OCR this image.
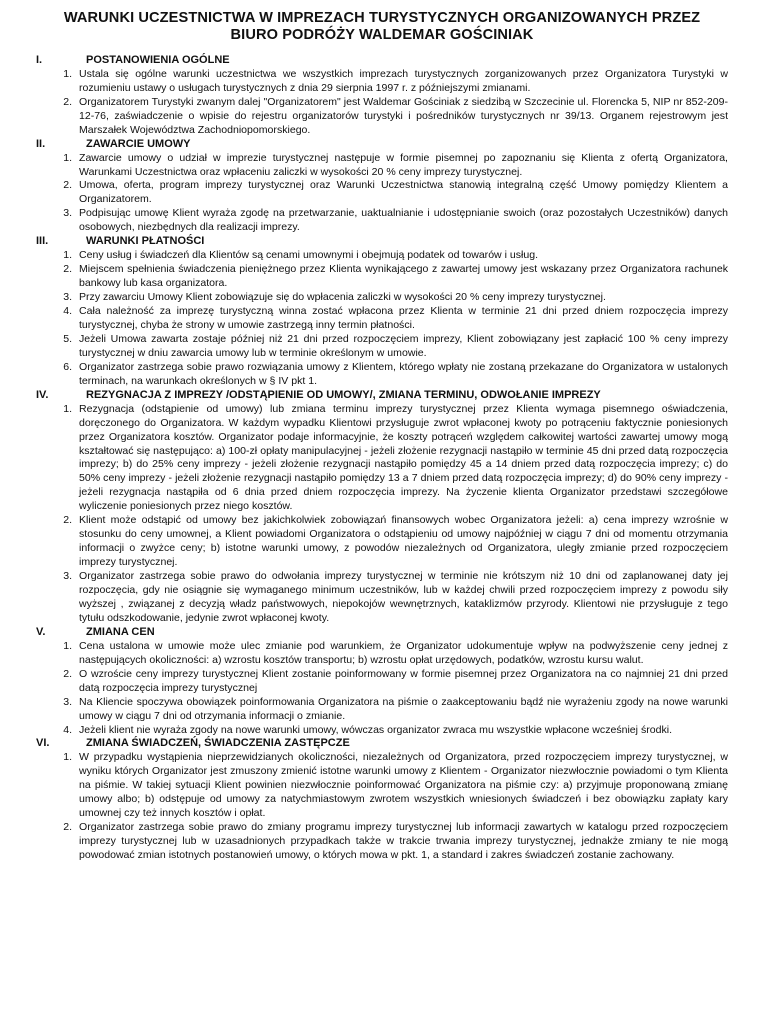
WARUNKI UCZESTNICTWA W IMPREZACH TURYSTYCZNYCH ORGANIZOWANYCH PRZEZ
BIURO PODRÓŻY WALDEMAR GOŚCINIAK
I.	POSTANOWIENIA OGÓLNE
1. Ustala się ogólne warunki uczestnictwa we wszystkich imprezach turystycznych zorganizowanych przez Organizatora Turystyki w rozumieniu ustawy o usługach turystycznych z dnia 29 sierpnia 1997 r. z późniejszymi zmianami.
2. Organizatorem Turystyki zwanym dalej "Organizatorem" jest Waldemar Gościniak z siedzibą w Szczecinie ul. Florencka 5, NIP nr 852-209-12-76, zaświadczenie o wpisie do rejestru organizatorów turystyki i pośredników turystycznych nr 39/13. Organem rejestrowym jest Marszałek Województwa Zachodniopomorskiego.
II.	ZAWARCIE UMOWY
1. Zawarcie umowy o udział w imprezie turystycznej następuje w formie pisemnej po zapoznaniu się Klienta z ofertą Organizatora, Warunkami Uczestnictwa oraz wpłaceniu zaliczki w wysokości 20 % ceny imprezy turystycznej.
2. Umowa, oferta, program imprezy turystycznej oraz Warunki Uczestnictwa stanowią integralną część Umowy pomiędzy Klientem a Organizatorem.
3. Podpisując umowę Klient wyraża zgodę na przetwarzanie, uaktualnianie i udostępnianie swoich (oraz pozostałych Uczestników) danych osobowych, niezbędnych dla realizacji imprezy.
III.	WARUNKI PŁATNOŚCI
1. Ceny usług i świadczeń dla Klientów są cenami umownymi i obejmują podatek od towarów i usług.
2. Miejscem spełnienia świadczenia pieniężnego przez Klienta wynikającego z zawartej umowy jest wskazany przez Organizatora rachunek bankowy lub kasa organizatora.
3. Przy zawarciu Umowy Klient zobowiązuje się do wpłacenia zaliczki w wysokości 20 % ceny imprezy turystycznej.
4. Cała należność za imprezę turystyczną winna zostać wpłacona przez Klienta w terminie 21 dni przed dniem rozpoczęcia imprezy turystycznej, chyba że strony w umowie zastrzegą inny termin płatności.
5. Jeżeli Umowa zawarta zostaje później niż 21 dni przed rozpoczęciem imprezy, Klient zobowiązany jest zapłacić 100 % ceny imprezy turystycznej w dniu zawarcia umowy lub w terminie określonym w umowie.
6. Organizator zastrzega sobie prawo rozwiązania umowy z Klientem, którego wpłaty nie zostaną przekazane do Organizatora w ustalonych terminach, na warunkach określonych w § IV pkt 1.
IV.	REZYGNACJA Z IMPREZY /ODSTĄPIENIE OD UMOWY/, ZMIANA TERMINU, ODWOŁANIE IMPREZY
1. Rezygnacja (odstąpienie od umowy) lub zmiana terminu imprezy turystycznej przez Klienta wymaga pisemnego oświadczenia, doręczonego do Organizatora. W każdym wypadku Klientowi przysługuje zwrot wpłaconej kwoty po potrąceniu faktycznie poniesionych przez Organizatora kosztów. Organizator podaje informacyjnie, że koszty potrąceń względem całkowitej wartości zawartej umowy mogą kształtować się następująco: a) 100-zł opłaty manipulacyjnej - jeżeli złożenie rezygnacji nastąpiło w terminie 45 dni przed datą rozpoczęcia imprezy; b) do 25% ceny imprezy - jeżeli złożenie rezygnacji nastąpiło pomiędzy 45 a 14 dniem przed datą rozpoczęcia imprezy; c) do 50% ceny imprezy - jeżeli złożenie rezygnacji nastąpiło pomiędzy 13 a 7 dniem przed datą rozpoczęcia imprezy; d) do 90% ceny imprezy - jeżeli rezygnacja nastąpiła od 6 dnia przed dniem rozpoczęcia imprezy. Na życzenie klienta Organizator przedstawi szczegółowe wyliczenie poniesionych przez niego kosztów.
2. Klient może odstąpić od umowy bez jakichkolwiek zobowiązań finansowych wobec Organizatora jeżeli: a) cena imprezy wzrośnie w stosunku do ceny umownej, a Klient powiadomi Organizatora o odstąpieniu od umowy najpóźniej w ciągu 7 dni od momentu otrzymania informacji o zwyżce ceny; b) istotne warunki umowy, z powodów niezależnych od Organizatora, uległy zmianie przed rozpoczęciem imprezy turystycznej.
3. Organizator zastrzega sobie prawo do odwołania imprezy turystycznej w terminie nie krótszym niż 10 dni od zaplanowanej daty jej rozpoczęcia, gdy nie osiągnie się wymaganego minimum uczestników, lub w każdej chwili przed rozpoczęciem imprezy z powodu siły wyższej , związanej z decyzją władz państwowych, niepokojów wewnętrznych, kataklizmów przyrody. Klientowi nie przysługuje z tego tytułu odszkodowanie, jedynie zwrot wpłaconej kwoty.
V.	ZMIANA CEN
1. Cena ustalona w umowie może ulec zmianie pod warunkiem, że Organizator udokumentuje wpływ na podwyższenie ceny jednej z następujących okoliczności: a) wzrostu kosztów transportu; b) wzrostu opłat urzędowych, podatków, wzrostu kursu walut.
2. O wzroście ceny imprezy turystycznej Klient zostanie poinformowany w formie pisemnej przez Organizatora na co najmniej 21 dni przed datą rozpoczęcia imprezy turystycznej
3. Na Kliencie spoczywa obowiązek poinformowania Organizatora na piśmie o zaakceptowaniu bądź nie wyrażeniu zgody na nowe warunki umowy w ciągu 7 dni od otrzymania informacji o zmianie.
4. Jeżeli klient nie wyraża zgody na nowe warunki umowy, wówczas organizator zwraca mu wszystkie wpłacone wcześniej środki.
VI.	ZMIANA ŚWIADCZEŃ, ŚWIADCZENIA ZASTĘPCZE
1. W przypadku wystąpienia nieprzewidzianych okoliczności, niezależnych od Organizatora, przed rozpoczęciem imprezy turystycznej, w wyniku których Organizator jest zmuszony zmienić istotne warunki umowy z Klientem - Organizator niezwłocznie powiadomi o tym Klienta na piśmie. W takiej sytuacji Klient powinien niezwłocznie poinformować Organizatora na piśmie czy: a) przyjmuje proponowaną zmianę umowy albo; b) odstępuje od umowy za natychmiastowym zwrotem wszystkich wniesionych świadczeń i bez obowiązku zapłaty kary umownej czy też innych kosztów i opłat.
2. Organizator zastrzega sobie prawo do zmiany programu imprezy turystycznej lub informacji zawartych w katalogu przed rozpoczęciem imprezy turystycznej lub w uzasadnionych przypadkach także w trakcie trwania imprezy turystycznej, jednakże zmiany te nie mogą powodować zmian istotnych postanowień umowy, o których mowa w pkt. 1, a standard i zakres świadczeń zostanie zachowany.
